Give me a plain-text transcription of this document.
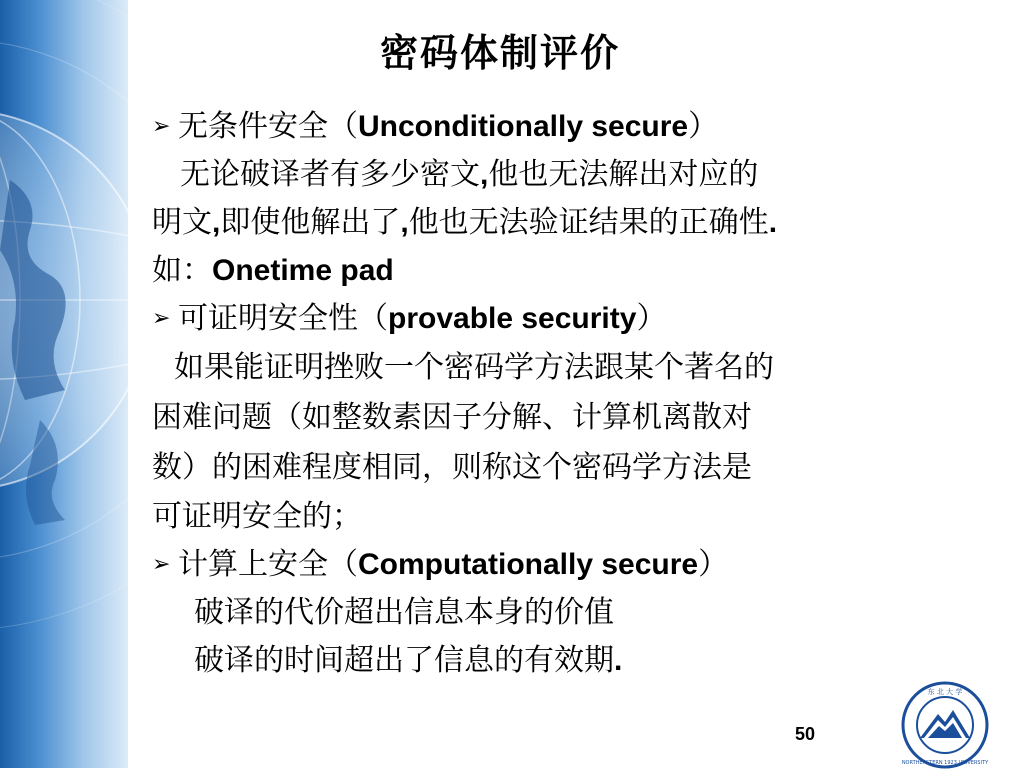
密码体制评价
➢ 无条件安全（Unconditionally secure）
无论破译者有多少密文,他也无法解出对应的
明文,即使他解出了,他也无法验证结果的正确性.
如：Onetime pad
➢ 可证明安全性（provable security）
如果能证明挫败一个密码学方法跟某个著名的
困难问题（如整数素因子分解、计算机离散对
数）的困难程度相同，则称这个密码学方法是
可证明安全的；
➢ 计算上安全（Computationally secure）
破译的代价超出信息本身的价值
破译的时间超出了信息的有效期.
50
东 北 大 学
NORTHEASTERN 1923 UNIVERSITY
